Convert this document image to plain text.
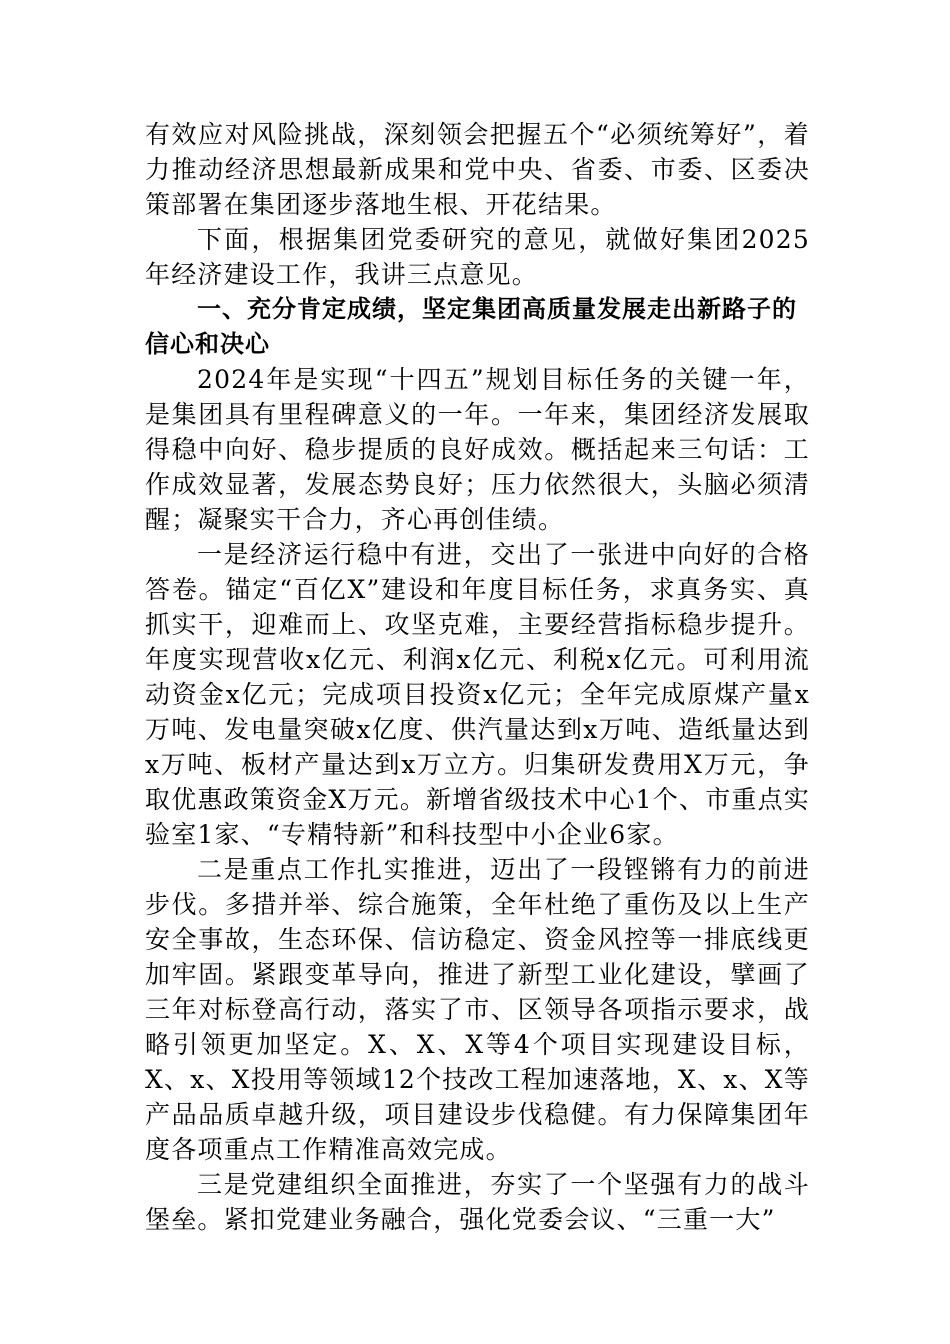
有效应对风险挑战，深刻领会把握五个“必须统筹好”，着力推动经济思想最新成果和党中央、省委、市委、区委决策部署在集团逐步落地生根、开花结果。

下面，根据集团党委研究的意见，就做好集团2025年经济建设工作，我讲三点意见。

一、充分肯定成绩，坚定集团高质量发展走出新路子的信心和决心

2024年是实现“十四五”规划目标任务的关键一年，是集团具有里程碑意义的一年。一年来，集团经济发展取得稳中向好、稳步提质的良好成效。概括起来三句话：工作成效显著，发展态势良好；压力依然很大，头脑必须清醒；凝聚实干合力，齐心再创佳绩。

一是经济运行稳中有进，交出了一张进中向好的合格答卷。锚定“百亿X”建设和年度目标任务，求真务实、真抓实干，迎难而上、攻坚克难，主要经营指标稳步提升。年度实现营收x亿元、利润x亿元、利税x亿元。可利用流动资金x亿元；完成项目投资x亿元；全年完成原煤产量x万吨、发电量突破x亿度、供汽量达到x万吨、造纸量达到x万吨、板材产量达到x万立方。归集研发费用X万元，争取优惠政策资金X万元。新增省级技术中心1个、市重点实验室1家、“专精特新”和科技型中小企业6家。

二是重点工作扎实推进，迈出了一段铿锵有力的前进步伐。多措并举、综合施策，全年杜绝了重伤及以上生产安全事故，生态环保、信访稳定、资金风控等一排底线更加牢固。紧跟变革导向，推进了新型工业化建设，擘画了三年对标登高行动，落实了市、区领导各项指示要求，战略引领更加坚定。X、X、X等4个项目实现建设目标，X、x、X投用等领域12个技改工程加速落地，X、x、X等产品品质卓越升级，项目建设步伐稳健。有力保障集团年度各项重点工作精准高效完成。

三是党建组织全面推进，夯实了一个坚强有力的战斗堡垒。紧扣党建业务融合，强化党委会议、“三重一大”
